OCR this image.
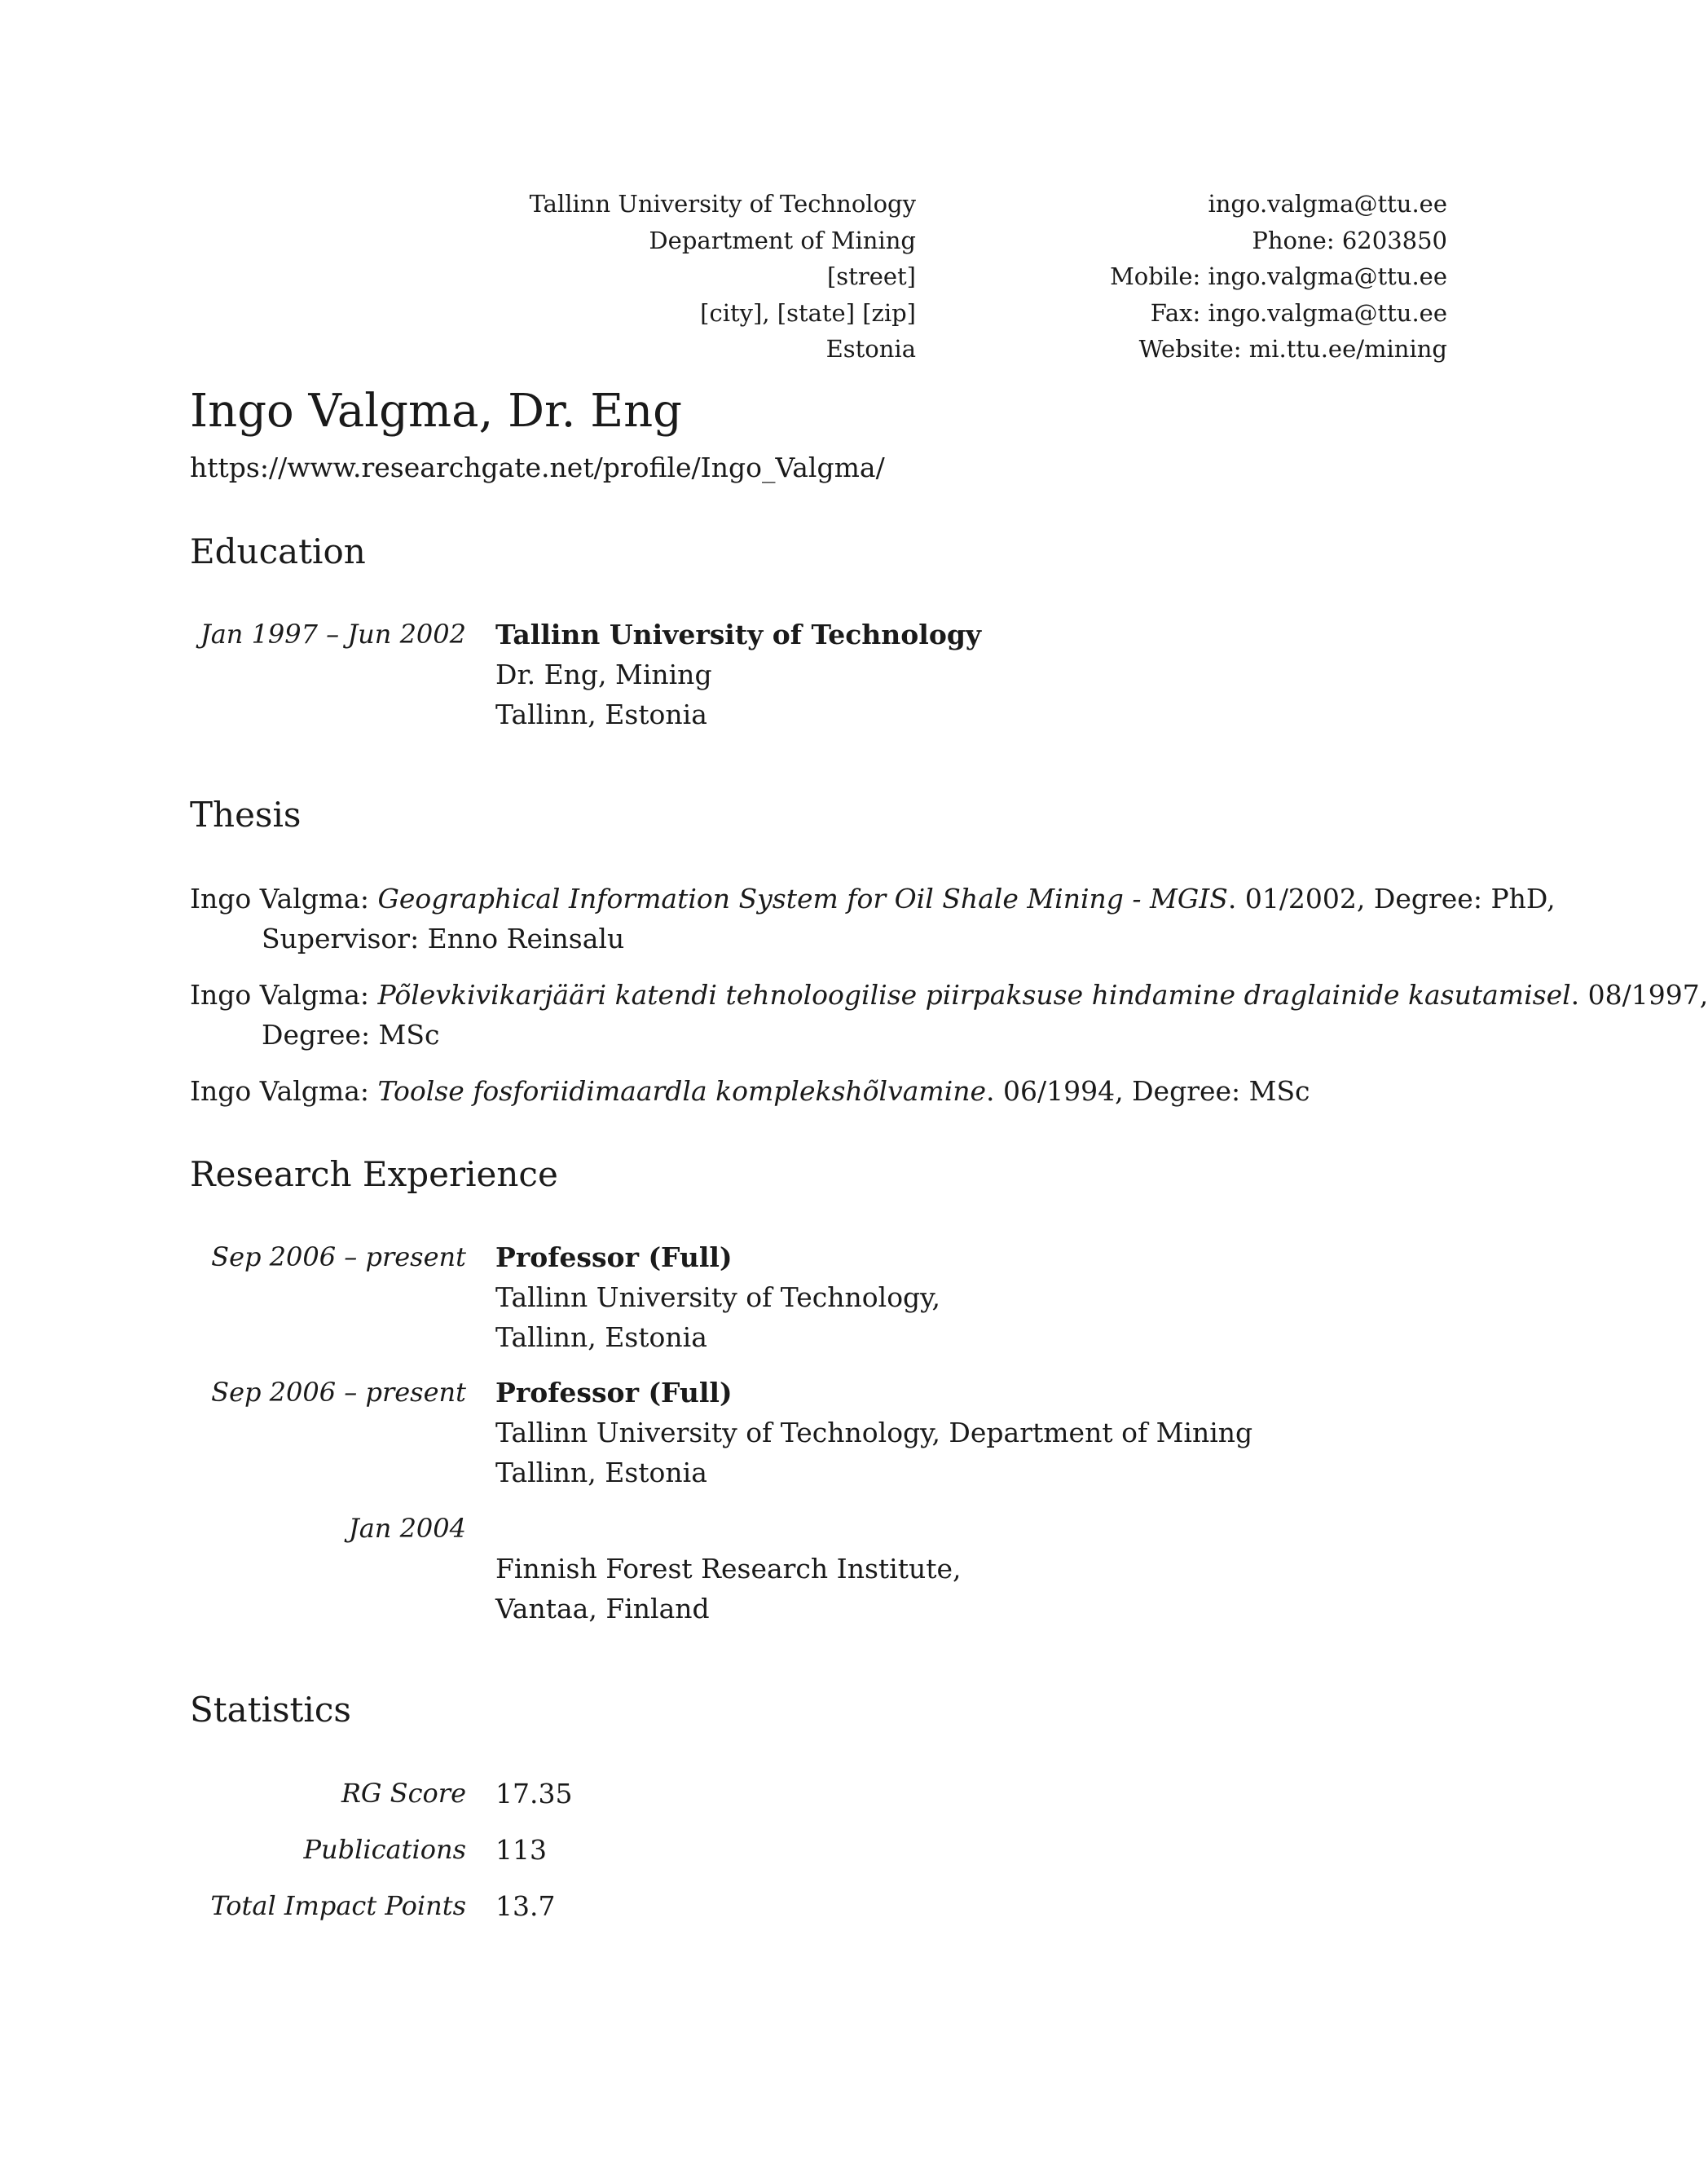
Tallinn University of Technology
Department of Mining
[street]
[city], [state] [zip]
Estonia
ingo.valgma@ttu.ee
Phone: 6203850
Mobile: ingo.valgma@ttu.ee
Fax: ingo.valgma@ttu.ee
Website: mi.ttu.ee/mining
Ingo Valgma, Dr. Eng
https://www.researchgate.net/profile/Ingo_Valgma/
Education
Jan 1997 – Jun 2002 Tallinn University of Technology
Dr. Eng, Mining
Tallinn, Estonia
Thesis
Ingo Valgma: Geographical Information System for Oil Shale Mining - MGIS. 01/2002, Degree: PhD,
Supervisor: Enno Reinsalu
Ingo Valgma: Põlevkivikarjääri katendi tehnoloogilise piirpaksuse hindamine draglainide kasutamisel. 08/1997,
Degree: MSc
Ingo Valgma: Toolse fosforiidimaardla komplekshõlvamine. 06/1994, Degree: MSc
Research Experience
Sep 2006 – present Professor (Full)
Tallinn University of Technology,
Tallinn, Estonia
Sep 2006 – present Professor (Full)
Tallinn University of Technology, Department of Mining
Tallinn, Estonia
Jan 2004
Finnish Forest Research Institute,
Vantaa, Finland
Statistics
RG Score 17.35
Publications 113
Total Impact Points 13.7
